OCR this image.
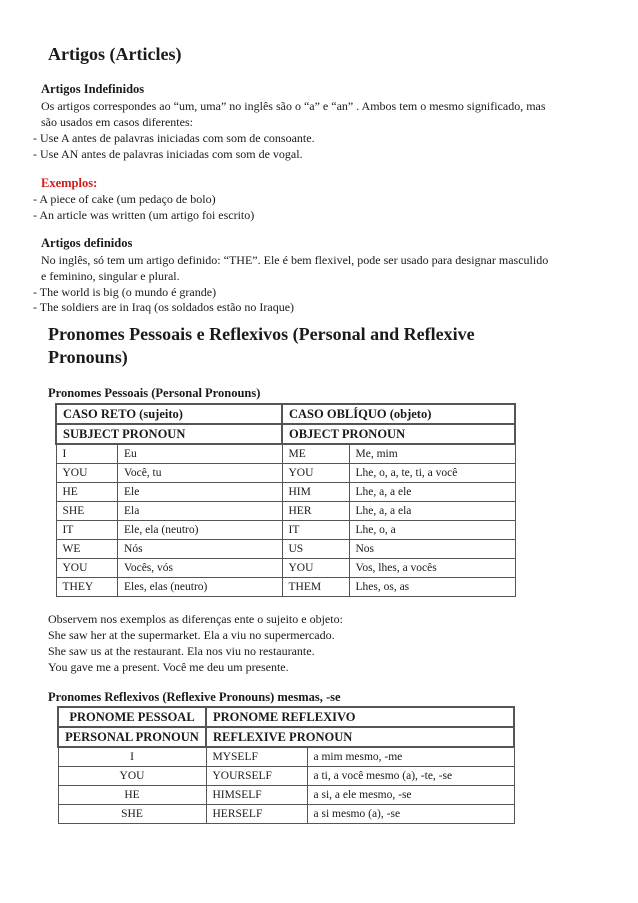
Artigos (Articles)
Artigos Indefinidos
Os artigos correspondes ao “um, uma” no inglês são o “a” e “an” . Ambos tem o mesmo significado, mas
são usados em casos diferentes:
- Use A antes de palavras iniciadas com som de consoante.
- Use AN antes de palavras iniciadas com som de vogal.
Exemplos:
- A piece of cake (um pedaço de bolo)
- An article was written (um artigo foi escrito)
Artigos definidos
No inglês, só tem um artigo definido: “THE”. Ele é bem flexivel, pode ser usado para designar masculido
e feminino, singular e plural.
- The world is big (o mundo é grande)
- The soldiers are in Iraq (os soldados estão no Iraque)
Pronomes Pessoais e Reflexivos (Personal and Reflexive
Pronouns)
Pronomes Pessoais (Personal Pronouns)
CASO RETO (sujeito)		CASO OBLÍQUO (objeto)	
SUBJECT PRONOUN		OBJECT PRONOUN	
I	Eu	ME	Me, mim
YOU	Você, tu	YOU	Lhe, o, a, te, ti, a você
HE	Ele	HIM	Lhe, a, a ele
SHE	Ela	HER	Lhe, a, a ela
IT	Ele, ela (neutro)	IT	Lhe, o, a
WE	Nós	US	Nos
YOU	Vocês, vós	YOU	Vos, lhes, a vocês
THEY	Eles, elas (neutro)	THEM	Lhes, os, as
Observem nos exemplos as diferenças ente o sujeito e objeto:
She saw her at the supermarket. Ela a viu no supermercado.
She saw us at the restaurant. Ela nos viu no restaurante.
You gave me a present. Você me deu um presente.
Pronomes Reflexivos (Reflexive Pronouns) mesmas, -se
PRONOME PESSOAL	PRONOME REFLEXIVO	
PERSONAL PRONOUN	REFLEXIVE PRONOUN	
I	MYSELF	a mim mesmo, -me
YOU	YOURSELF	a ti, a você mesmo (a), -te, -se
HE	HIMSELF	a si, a ele mesmo, -se
SHE	HERSELF	a si mesmo (a), -se
